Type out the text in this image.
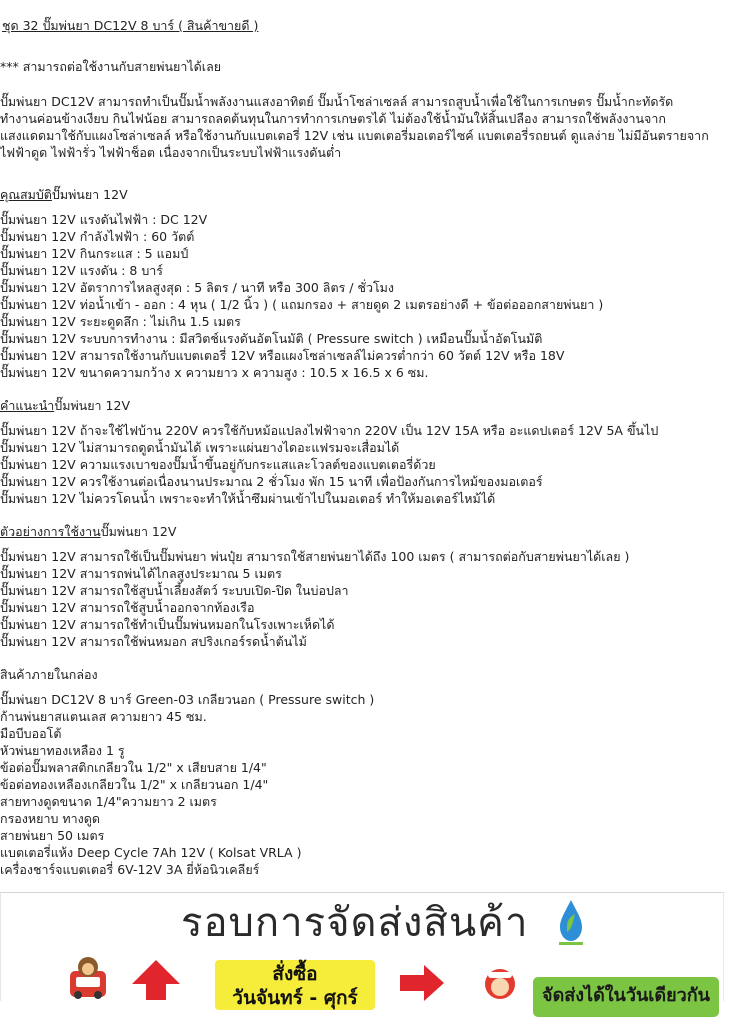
ชุด 32 ปั๊มพ่นยา DC12V 8 บาร์ ( สินค้าขายดี )
*** สามารถต่อใช้งานกับสายพ่นยาได้เลย
ปั๊มพ่นยา DC12V สามารถทำเป็นปั๊มน้ำพลังงานแสงอาทิตย์ ปั๊มน้ำโซล่าเซลล์ สามารถสูบน้ำเพื่อใช้ในการเกษตร ปั๊มน้ำกะทัดรัด
ทำงานค่อนข้างเงียบ กินไฟน้อย สามารถลดต้นทุนในการทำการเกษตรได้ ไม่ต้องใช้น้ำมันให้สิ้นเปลือง สามารถใช้พลังงานจาก
แสงแดดมาใช้กับแผงโซล่าเซลล์ หรือใช้งานกับแบตเตอรี่ 12V เช่น แบตเตอรี่มอเตอร์ไซค์ แบตเตอรี่รถยนต์ ดูแลง่าย ไม่มีอันตรายจาก
ไฟฟ้าดูด ไฟฟ้ารั่ว ไฟฟ้าช็อต เนื่องจากเป็นระบบไฟฟ้าแรงดันต่ำ
คุณสมบัติปั๊มพ่นยา 12V
ปั๊มพ่นยา 12V แรงดันไฟฟ้า : DC 12V
ปั๊มพ่นยา 12V กำลังไฟฟ้า : 60 วัตต์
ปั๊มพ่นยา 12V กินกระแส : 5 แอมป์
ปั๊มพ่นยา 12V แรงดัน : 8 บาร์
ปั๊มพ่นยา 12V อัตราการไหลสูงสุด : 5 ลิตร / นาที หรือ 300 ลิตร / ชั่วโมง
ปั๊มพ่นยา 12V ท่อน้ำเข้า - ออก : 4 หุน ( 1/2 นิ้ว ) ( แถมกรอง + สายดูด 2 เมตรอย่างดี + ข้อต่อออกสายพ่นยา )
ปั๊มพ่นยา 12V ระยะดูดลึก : ไม่เกิน 1.5 เมตร
ปั๊มพ่นยา 12V ระบบการทำงาน : มีสวิตช์แรงดันอัตโนมัติ ( Pressure switch ) เหมือนปั๊มน้ำอัตโนมัติ
ปั๊มพ่นยา 12V สามารถใช้งานกับแบตเตอรี่ 12V หรือแผงโซล่าเซลล์ไม่ควรต่ำกว่า 60 วัตต์ 12V หรือ 18V
ปั๊มพ่นยา 12V ขนาดความกว้าง x ความยาว x ความสูง : 10.5 x 16.5 x 6 ซม.
คำแนะนำปั๊มพ่นยา 12V
ปั๊มพ่นยา 12V ถ้าจะใช้ไฟบ้าน 220V ควรใช้กับหม้อแปลงไฟฟ้าจาก 220V เป็น 12V 15A หรือ อะแดปเตอร์ 12V 5A ขึ้นไป
ปั๊มพ่นยา 12V ไม่สามารถดูดน้ำมันได้ เพราะแผ่นยางไดอะแฟรมจะเสื่อมได้
ปั๊มพ่นยา 12V ความแรงเบาของปั๊มน้ำขึ้นอยู่กับกระแสและโวลต์ของแบตเตอรี่ด้วย
ปั๊มพ่นยา 12V ควรใช้งานต่อเนื่องนานประมาณ 2 ชั่วโมง พัก 15 นาที เพื่อป้องกันการไหม้ของมอเตอร์
ปั๊มพ่นยา 12V ไม่ควรโดนน้ำ เพราะจะทำให้น้ำซึมผ่านเข้าไปในมอเตอร์ ทำให้มอเตอร์ไหม้ได้
ตัวอย่างการใช้งานปั๊มพ่นยา 12V
ปั๊มพ่นยา 12V สามารถใช้เป็นปั๊มพ่นยา พ่นปุ๋ย สามารถใช้สายพ่นยาได้ถึง 100 เมตร ( สามารถต่อกับสายพ่นยาได้เลย )
ปั๊มพ่นยา 12V สามารถพ่นได้ไกลสูงประมาณ 5 เมตร
ปั๊มพ่นยา 12V สามารถใช้สูบน้ำเลี้ยงสัตว์ ระบบเปิด-ปิด ในบ่อปลา
ปั๊มพ่นยา 12V สามารถใช้สูบน้ำออกจากท้องเรือ
ปั๊มพ่นยา 12V สามารถใช้ทำเป็นปั๊มพ่นหมอกในโรงเพาะเห็ดได้
ปั๊มพ่นยา 12V สามารถใช้พ่นหมอก สปริงเกอร์รดน้ำต้นไม้
สินค้าภายในกล่อง
ปั๊มพ่นยา DC12V 8 บาร์ Green-03 เกลียวนอก ( Pressure switch )
ก้านพ่นยาสแตนเลส ความยาว 45 ซม.
มือบีบออโต้
หัวพ่นยาทองเหลือง 1 รู
ข้อต่อปั๊มพลาสติกเกลียวใน 1/2" x เสียบสาย 1/4"
ข้อต่อทองเหลืองเกลียวใน 1/2" x เกลียวนอก 1/4"
สายทางดูดขนาด 1/4"ความยาว 2 เมตร
กรองหยาบ ทางดูด
สายพ่นยา 50 เมตร
แบตเตอรี่แห้ง Deep Cycle 7Ah 12V ( Kolsat VRLA )
เครื่องชาร์จแบตเตอรี่ 6V-12V 3A ยี่ห้อนิวเคลียร์
รอบการจัดส่งสินค้า
สั่งซื้อ
วันจันทร์ - ศุกร์	จัดส่งได้ในวันเดียวกัน
